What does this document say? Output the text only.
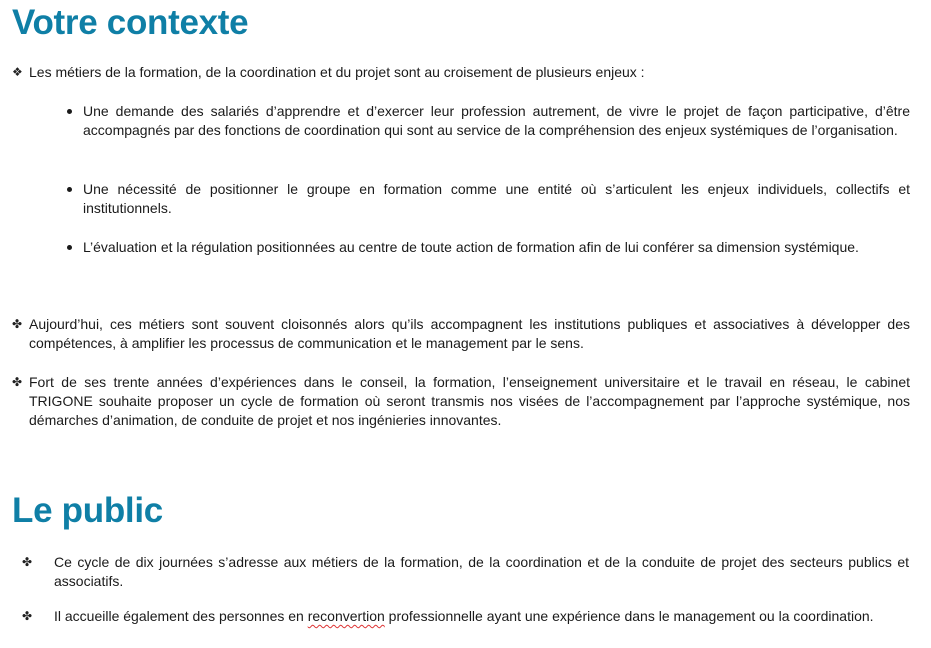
Votre contexte
❖ Les métiers de la formation, de la coordination et du projet sont au croisement de plusieurs enjeux :
Une demande des salariés d’apprendre et d’exercer leur profession autrement, de vivre le projet de façon participative, d’être accompagnés par des fonctions de coordination qui sont au service de la compréhension des enjeux systémiques de l’organisation.
Une nécessité de positionner le groupe en formation comme une entité où s’articulent les enjeux individuels, collectifs et institutionnels.
L’évaluation et la régulation positionnées au centre de toute action de formation afin de lui conférer sa dimension systémique.
✤ Aujourd’hui, ces métiers sont souvent cloisonnés alors qu’ils accompagnent les institutions publiques et associatives à développer des compétences, à amplifier les processus de communication et le management par le sens.
✤ Fort de ses trente années d’expériences dans le conseil, la formation, l’enseignement universitaire et le travail en réseau, le cabinet TRIGONE souhaite proposer un cycle de formation où seront transmis nos visées de l’accompagnement par l’approche systémique, nos démarches d’animation, de conduite de projet et nos ingénieries innovantes.
Le public
✤ Ce cycle de dix journées s’adresse aux métiers de la formation, de la coordination et de la conduite de projet des secteurs publics et associatifs.
✤ Il accueille également des personnes en reconvertion professionnelle ayant une expérience dans le management ou la coordination.
